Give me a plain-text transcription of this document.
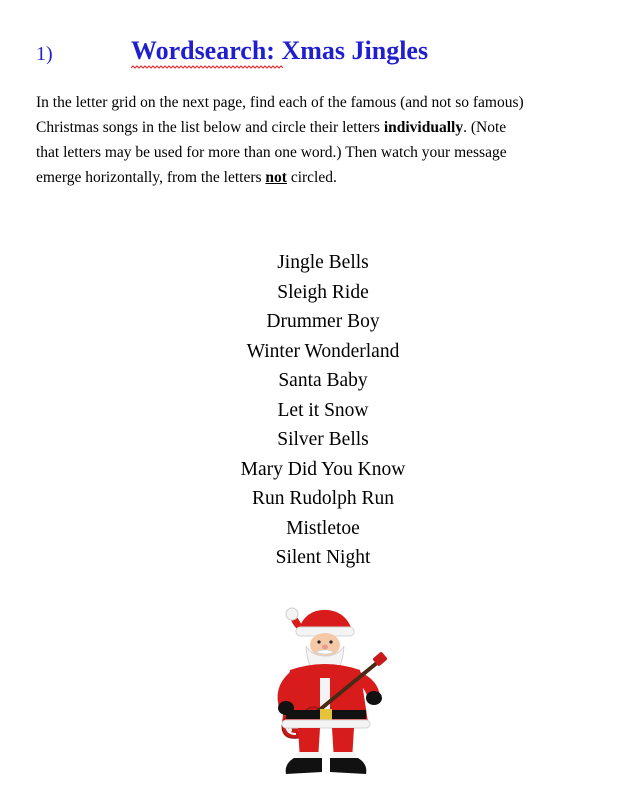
1)	Wordsearch: Xmas Jingles
In the letter grid on the next page, find each of the famous (and not so famous)
Christmas songs in the list below and circle their letters individually. (Note
that letters may be used for more than one word.) Then watch your message
emerge horizontally, from the letters not circled.
Jingle Bells
Sleigh Ride
Drummer Boy
Winter Wonderland
Santa Baby
Let it Snow
Silver Bells
Mary Did You Know
Run Rudolph Run
Mistletoe
Silent Night
